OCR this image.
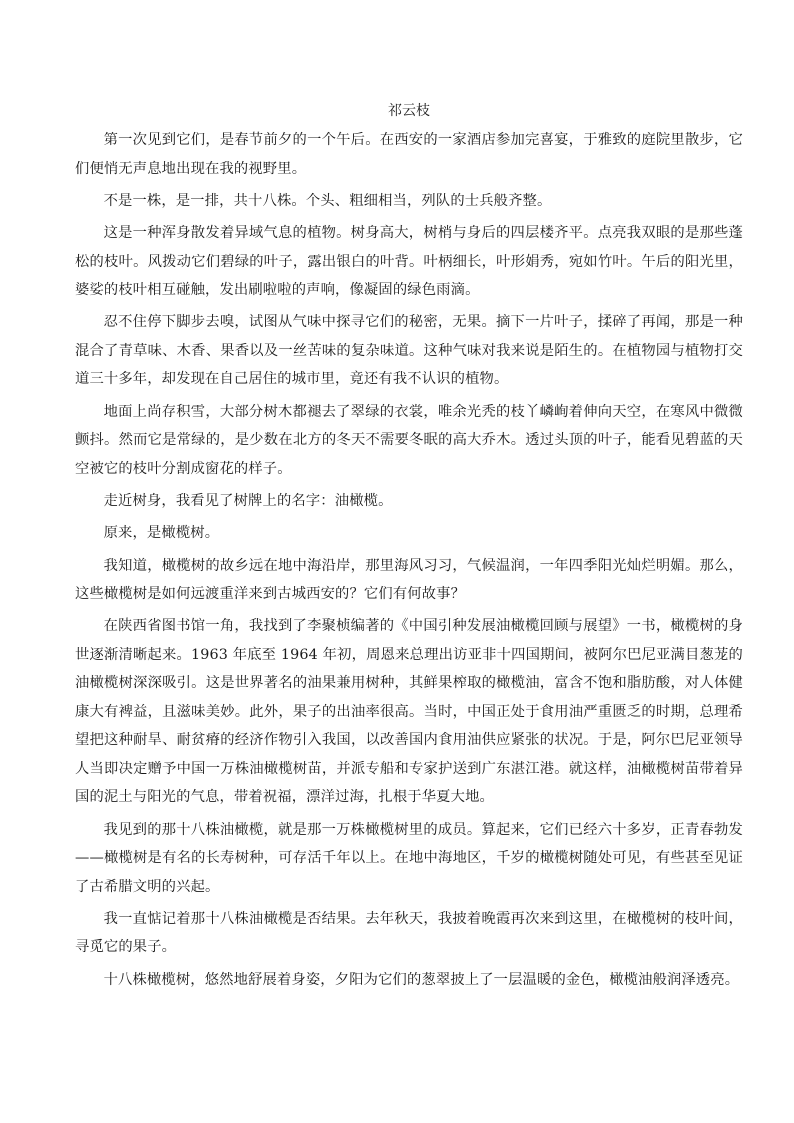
祁云枝

第一次见到它们，是春节前夕的一个午后。在西安的一家酒店参加完喜宴，于雅致的庭院里散步，它们便悄无声息地出现在我的视野里。

不是一株，是一排，共十八株。个头、粗细相当，列队的士兵般齐整。

这是一种浑身散发着异域气息的植物。树身高大，树梢与身后的四层楼齐平。点亮我双眼的是那些蓬松的枝叶。风拨动它们碧绿的叶子，露出银白的叶背。叶柄细长，叶形娟秀，宛如竹叶。午后的阳光里，婆娑的枝叶相互碰触，发出刷啦啦的声响，像凝固的绿色雨滴。

忍不住停下脚步去嗅，试图从气味中探寻它们的秘密，无果。摘下一片叶子，揉碎了再闻，那是一种混合了青草味、木香、果香以及一丝苦味的复杂味道。这种气味对我来说是陌生的。在植物园与植物打交道三十多年，却发现在自己居住的城市里，竟还有我不认识的植物。

地面上尚存积雪，大部分树木都褪去了翠绿的衣裳，唯余光秃的枝丫嶙峋着伸向天空，在寒风中微微颤抖。然而它是常绿的，是少数在北方的冬天不需要冬眠的高大乔木。透过头顶的叶子，能看见碧蓝的天空被它的枝叶分割成窗花的样子。

走近树身，我看见了树牌上的名字：油橄榄。

原来，是橄榄树。

我知道，橄榄树的故乡远在地中海沿岸，那里海风习习，气候温润，一年四季阳光灿烂明媚。那么，这些橄榄树是如何远渡重洋来到古城西安的？它们有何故事？

在陕西省图书馆一角，我找到了李聚桢编著的《中国引种发展油橄榄回顾与展望》一书，橄榄树的身世逐渐清晰起来。1963 年底至 1964 年初，周恩来总理出访亚非十四国期间，被阿尔巴尼亚满目葱茏的油橄榄树深深吸引。这是世界著名的油果兼用树种，其鲜果榨取的橄榄油，富含不饱和脂肪酸，对人体健康大有裨益，且滋味美妙。此外，果子的出油率很高。当时，中国正处于食用油严重匮乏的时期，总理希望把这种耐旱、耐贫瘠的经济作物引入我国，以改善国内食用油供应紧张的状况。于是，阿尔巴尼亚领导人当即决定赠予中国一万株油橄榄树苗，并派专船和专家护送到广东湛江港。就这样，油橄榄树苗带着异国的泥土与阳光的气息，带着祝福，漂洋过海，扎根于华夏大地。

我见到的那十八株油橄榄，就是那一万株橄榄树里的成员。算起来，它们已经六十多岁，正青春勃发——橄榄树是有名的长寿树种，可存活千年以上。在地中海地区，千岁的橄榄树随处可见，有些甚至见证了古希腊文明的兴起。

我一直惦记着那十八株油橄榄是否结果。去年秋天，我披着晚霞再次来到这里，在橄榄树的枝叶间，寻觅它的果子。

十八株橄榄树，悠然地舒展着身姿，夕阳为它们的葱翠披上了一层温暖的金色，橄榄油般润泽透亮。
